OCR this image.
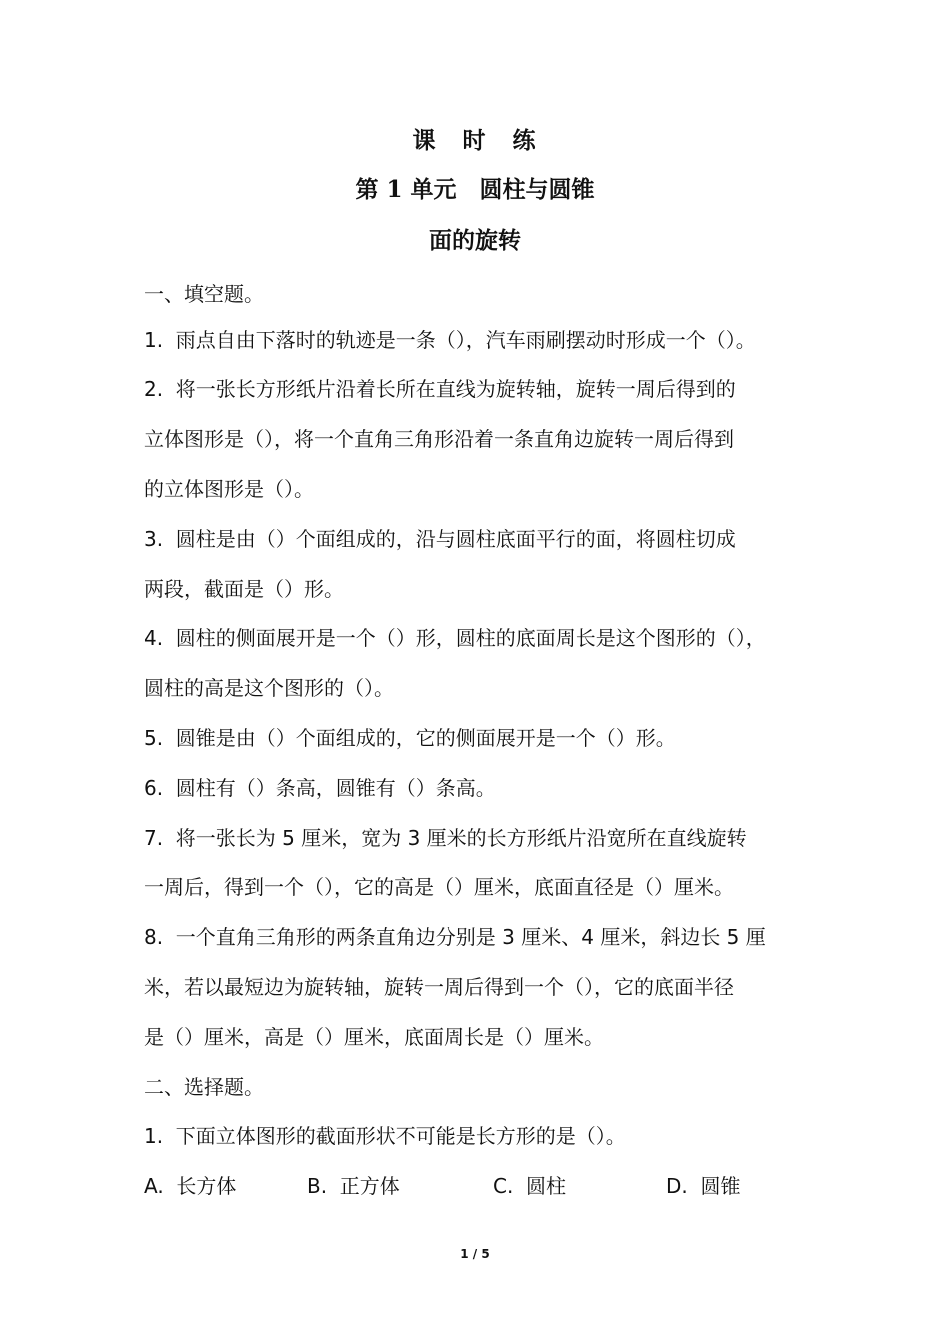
课　时　练
第 1 单元　圆柱与圆锥
面的旋转
一、填空题。
1.  雨点自由下落时的轨迹是一条（），汽车雨刷摆动时形成一个（）。
2.  将一张长方形纸片沿着长所在直线为旋转轴，旋转一周后得到的
立体图形是（），将一个直角三角形沿着一条直角边旋转一周后得到
的立体图形是（）。
3.  圆柱是由（）个面组成的，沿与圆柱底面平行的面，将圆柱切成
两段，截面是（）形。
4.  圆柱的侧面展开是一个（）形，圆柱的底面周长是这个图形的（），
圆柱的高是这个图形的（）。
5.  圆锥是由（）个面组成的，它的侧面展开是一个（）形。
6.  圆柱有（）条高，圆锥有（）条高。
7.  将一张长为 5 厘米，宽为 3 厘米的长方形纸片沿宽所在直线旋转
一周后，得到一个（），它的高是（）厘米，底面直径是（）厘米。
8.  一个直角三角形的两条直角边分别是 3 厘米、4 厘米，斜边长 5 厘
米，若以最短边为旋转轴，旋转一周后得到一个（），它的底面半径
是（）厘米，高是（）厘米，底面周长是（）厘米。
二、选择题。
1.  下面立体图形的截面形状不可能是长方形的是（）。
A.  长方体	B.  正方体	C.  圆柱	D.  圆锥
1 / 5
